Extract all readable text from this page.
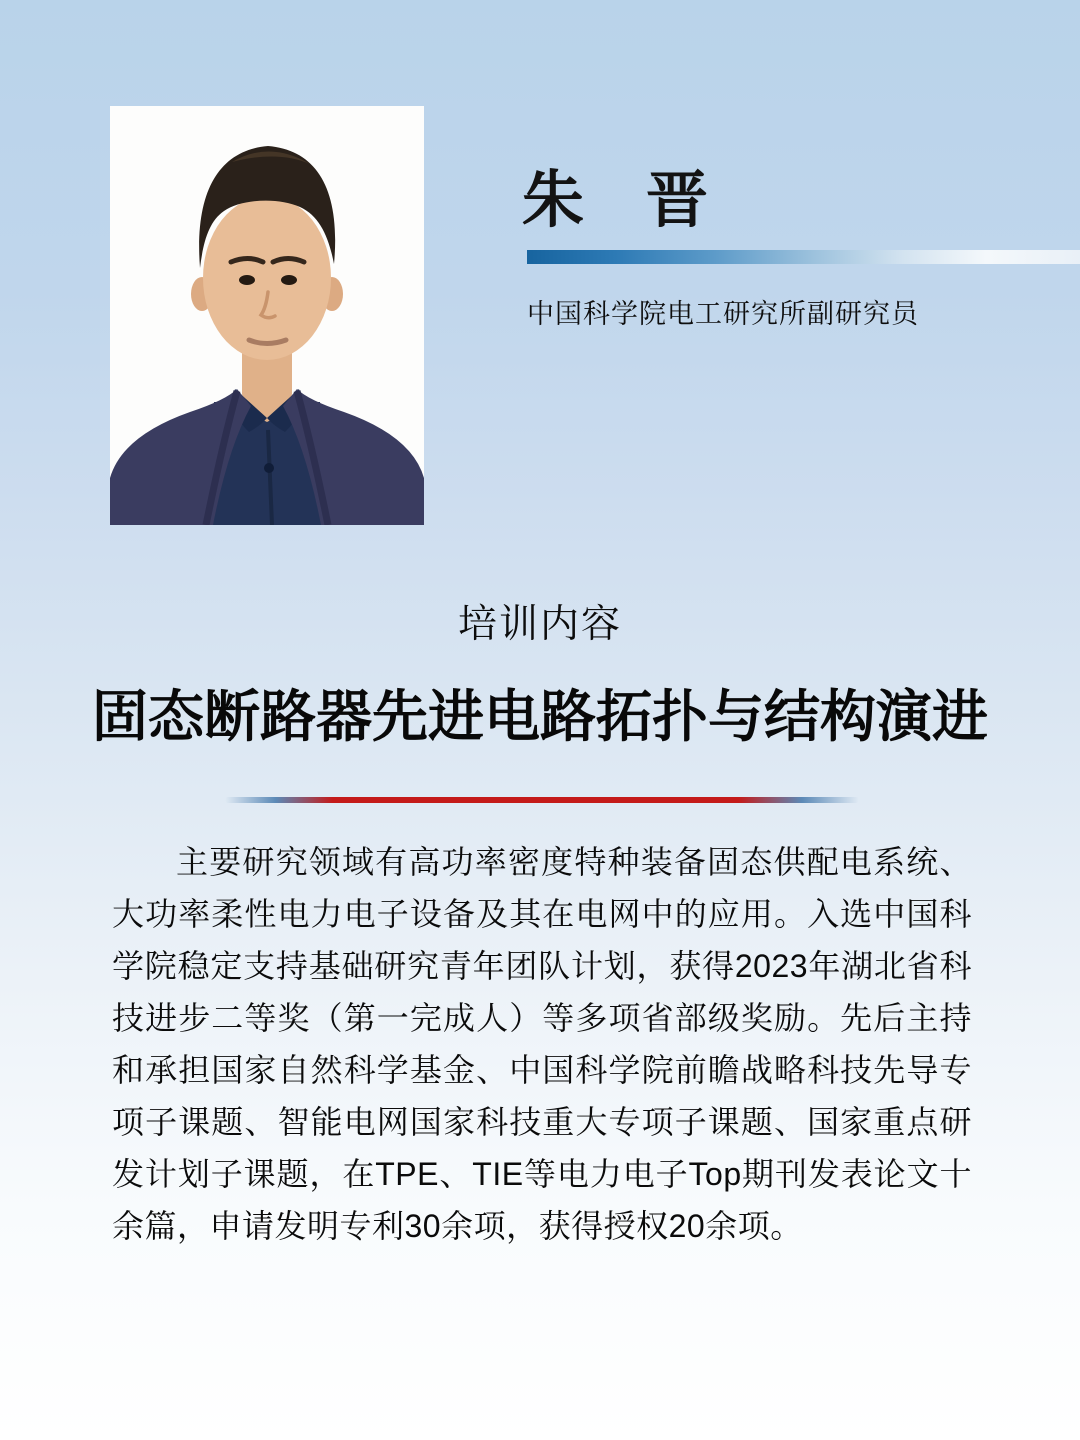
朱　晋
中国科学院电工研究所副研究员
培训内容
固态断路器先进电路拓扑与结构演进

主要研究领域有高功率密度特种装备固态供配电系统、大功率柔性电力电子设备及其在电网中的应用。入选中国科学院稳定支持基础研究青年团队计划，获得2023年湖北省科技进步二等奖（第一完成人）等多项省部级奖励。先后主持和承担国家自然科学基金、中国科学院前瞻战略科技先导专项子课题、智能电网国家科技重大专项子课题、国家重点研发计划子课题，在TPE、TIE等电力电子Top期刊发表论文十余篇，申请发明专利30余项，获得授权20余项。
